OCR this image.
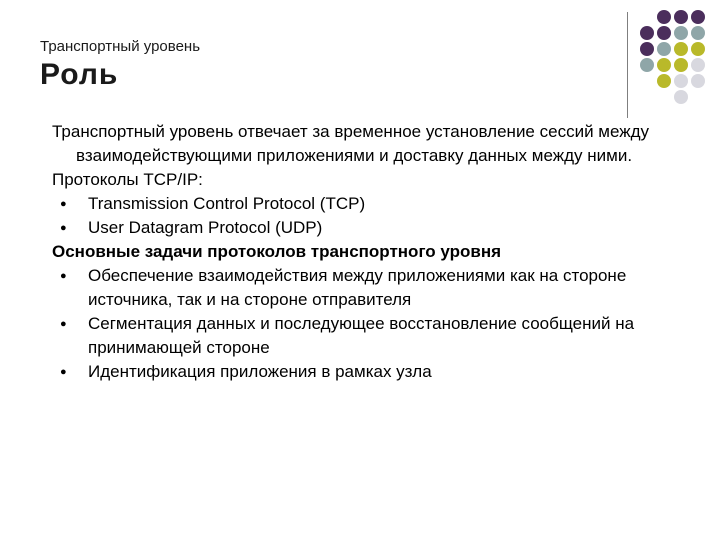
Транспортный уровень
Роль

Транспортный уровень отвечает за временное установление сессий между взаимодействующими приложениями и доставку данных между ними.

Протоколы TCP/IP:

● Transmission Control Protocol (TCP)

● User Datagram Protocol (UDP)

Основные задачи протоколов транспортного уровня

● Обеспечение взаимодействия между приложениями как на стороне источника, так и на стороне отправителя

● Сегментация данных и последующее восстановление сообщений на принимающей стороне

● Идентификация приложения в рамках узла
